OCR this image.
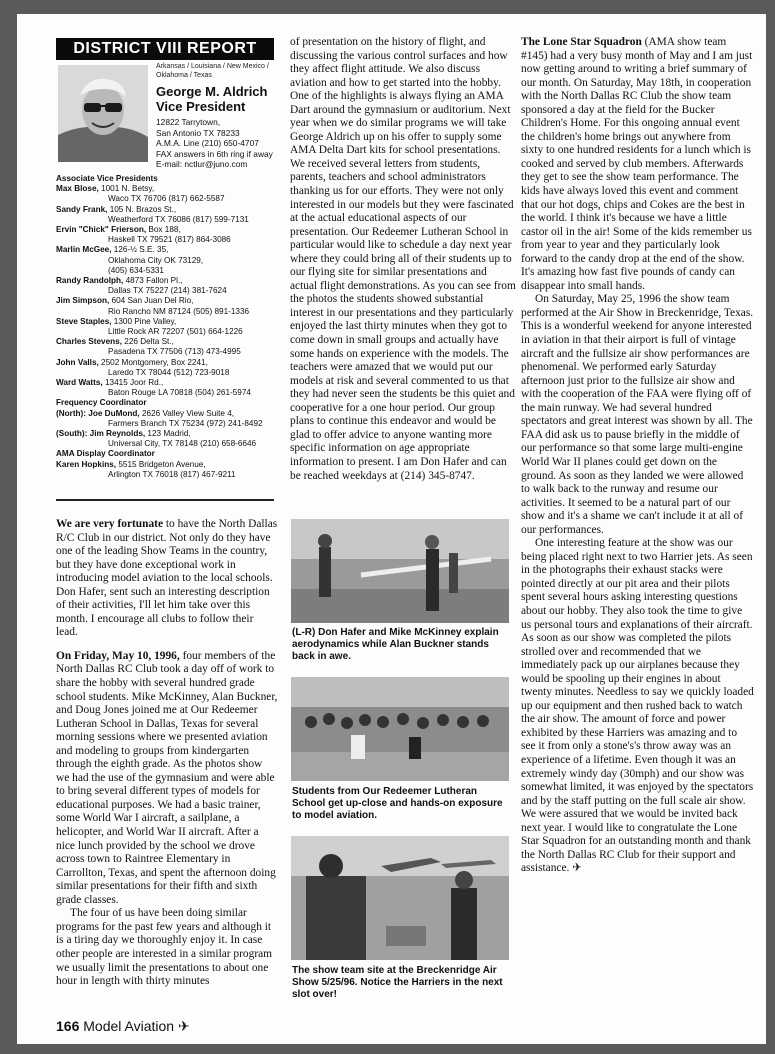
DISTRICT VIII REPORT
Arkansas / Louisiana / New Mexico / Oklahoma / Texas
George M. Aldrich
Vice President
12822 Tarrytown,
San Antonio TX 78233
A.M.A. Line (210) 650-4707
FAX answers in 6th ring if away
E-mail: nctlur@juno.com
Associate Vice Presidents
Max Blose, 1001 N. Betsy,
Waco TX 76706 (817) 662-5587
Sandy Frank, 105 N. Brazos St.,
Weatherford TX 76086 (817) 599-7131
Ervin "Chick" Frierson, Box 188,
Haskell TX 79521 (817) 864-3086
Marlin McGee, 126-½ S.E. 35,
Oklahoma City OK 73129,
(405) 634-5331
Randy Randolph, 4873 Fallon Pl.,
Dallas TX 75227 (214) 381-7624
Jim Simpson, 604 San Juan Del Rio,
Rio Rancho NM 87124 (505) 891-1336
Steve Staples, 1300 Pine Valley,
Little Rock AR 72207 (501) 664-1226
Charles Stevens, 226 Delta St.,
Pasadena TX 77506 (713) 473-4995
John Valls, 2502 Montgomery, Box 2241,
Laredo TX 78044 (512) 723-9018
Ward Watts, 13415 Joor Rd.,
Baton Rouge LA 70818 (504) 261-5974
Frequency Coordinator
(North): Joe DuMond, 2626 Valley View Suite 4,
Farmers Branch TX 75234 (972) 241-8492
(South): Jim Reynolds, 123 Madrid,
Universal City, TX 78148 (210) 658-6646
AMA Display Coordinator
Karen Hopkins, 5515 Bridgeton Avenue,
Arlington TX 76018 (817) 467-9211

We are very fortunate to have the North Dallas R/C Club in our district. Not only do they have one of the leading Show Teams in the country, but they have done exceptional work in introducing model aviation to the local schools. Don Hafer, sent such an interesting description of their activities, I'll let him take over this month. I encourage all clubs to follow their lead.

On Friday, May 10, 1996, four members of the North Dallas RC Club took a day off of work to share the hobby with several hundred grade school students. Mike McKinney, Alan Buckner, and Doug Jones joined me at Our Redeemer Lutheran School in Dallas, Texas for several morning sessions where we presented aviation and modeling to groups from kindergarten through the eighth grade. As the photos show we had the use of the gymnasium and were able to bring several different types of models for educational purposes. We had a basic trainer, some World War I aircraft, a sailplane, a helicopter, and World War II aircraft. After a nice lunch provided by the school we drove across town to Raintree Elementary in Carrollton, Texas, and spent the afternoon doing similar presentations for their fifth and sixth grade classes.

The four of us have been doing similar programs for the past few years and although it is a tiring day we thoroughly enjoy it. In case other people are interested in a similar program we usually limit the presentations to about one hour in length with thirty minutes

of presentation on the history of flight, and discussing the various control surfaces and how they affect flight attitude. We also discuss aviation and how to get started into the hobby. One of the highlights is always flying an AMA Dart around the gymnasium or auditorium. Next year when we do similar programs we will take George Aldrich up on his offer to supply some AMA Delta Dart kits for school presentations. We received several letters from students, parents, teachers and school administrators thanking us for our efforts. They were not only interested in our models but they were fascinated at the actual educational aspects of our presentation. Our Redeemer Lutheran School in particular would like to schedule a day next year where they could bring all of their students up to our flying site for similar presentations and actual flight demonstrations. As you can see from the photos the students showed substantial interest in our presentations and they particularly enjoyed the last thirty minutes when they got to come down in small groups and actually have some hands on experience with the models. The teachers were amazed that we would put our models at risk and several commented to us that they had never seen the students be this quiet and cooperative for a one hour period. Our group plans to continue this endeavor and would be glad to offer advice to anyone wanting more specific information on age appropriate information to present. I am Don Hafer and can be reached weekdays at (214) 345-8747.

(L-R) Don Hafer and Mike McKinney explain aerodynamics while Alan Buckner stands back in awe.
Students from Our Redeemer Lutheran School get up-close and hands-on exposure to model aviation.
The show team site at the Breckenridge Air Show 5/25/96. Notice the Harriers in the next slot over!

The Lone Star Squadron (AMA show team #145) had a very busy month of May and I am just now getting around to writing a brief summary of our month. On Saturday, May 18th, in cooperation with the North Dallas RC Club the show team sponsored a day at the field for the Bucker Children's Home. For this ongoing annual event the children's home brings out anywhere from sixty to one hundred residents for a lunch which is cooked and served by club members. Afterwards they get to see the show team performance. The kids have always loved this event and comment that our hot dogs, chips and Cokes are the best in the world. I think it's because we have a little castor oil in the air! Some of the kids remember us from year to year and they particularly look forward to the candy drop at the end of the show. It's amazing how fast five pounds of candy can disappear into small hands.

On Saturday, May 25, 1996 the show team performed at the Air Show in Breckenridge, Texas. This is a wonderful weekend for anyone interested in aviation in that their airport is full of vintage aircraft and the fullsize air show performances are phenomenal. We performed early Saturday afternoon just prior to the fullsize air show and with the cooperation of the FAA were flying off of the main runway. We had several hundred spectators and great interest was shown by all. The FAA did ask us to pause briefly in the middle of our performance so that some large multi-engine World War II planes could get down on the ground. As soon as they landed we were allowed to walk back to the runway and resume our activities. It seemed to be a natural part of our show and it's a shame we can't include it at all of our performances.

One interesting feature at the show was our being placed right next to two Harrier jets. As seen in the photographs their exhaust stacks were pointed directly at our pit area and their pilots spent several hours asking interesting questions about our hobby. They also took the time to give us personal tours and explanations of their aircraft. As soon as our show was completed the pilots strolled over and recommended that we immediately pack up our airplanes because they would be spooling up their engines in about twenty minutes. Needless to say we quickly loaded up our equipment and then rushed back to watch the air show. The amount of force and power exhibited by these Harriers was amazing and to see it from only a stone's's throw away was an experience of a lifetime. Even though it was an extremely windy day (30mph) and our show was somewhat limited, it was enjoyed by the spectators and by the staff putting on the full scale air show. We were assured that we would be invited back next year. I would like to congratulate the Lone Star Squadron for an outstanding month and thank the North Dallas RC Club for their support and assistance. ✈

166 Model Aviation ✈
